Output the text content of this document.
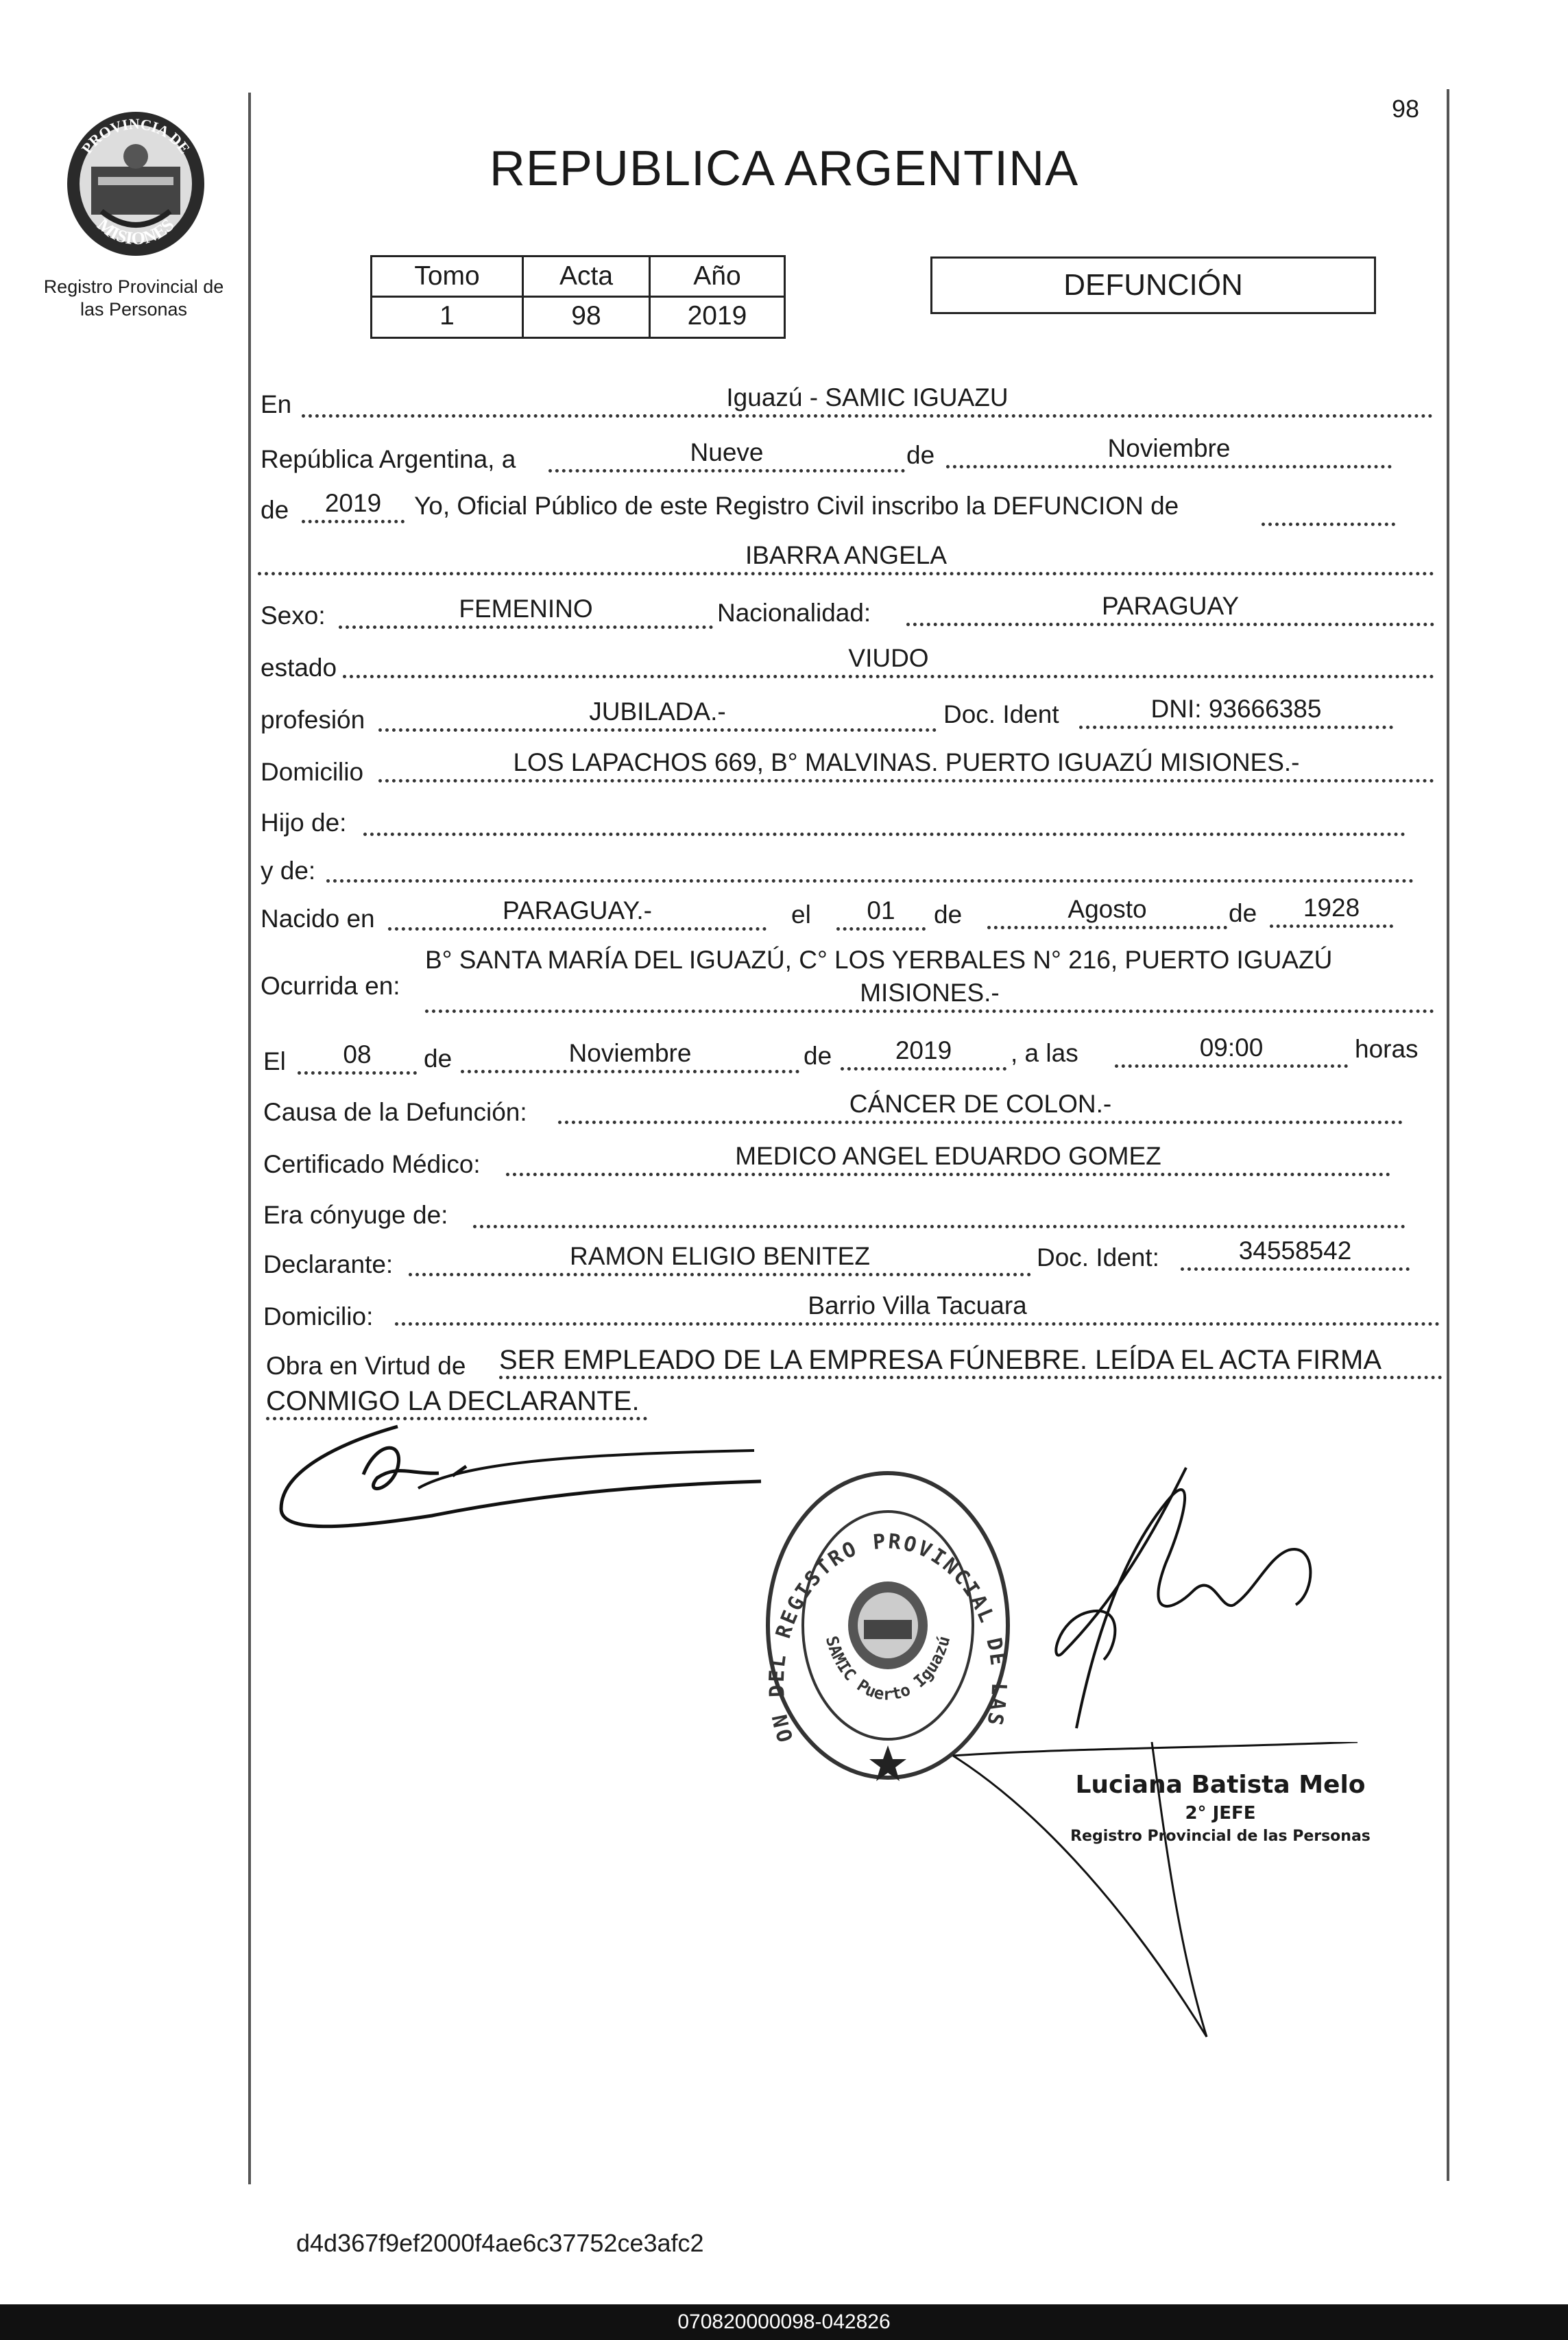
PROVINCIA DE
MISIONES
Registro Provincial de
las Personas
98
REPUBLICA ARGENTINA
Tomo	Acta	Año
1	98	2019
DEFUNCIÓN
En	Iguazú - SAMIC IGUAZU
República Argentina, a	Nueve	de	Noviembre
de	2019	Yo, Oficial Público de este Registro Civil inscribo la DEFUNCION de
IBARRA ANGELA
Sexo:	FEMENINO	Nacionalidad:	PARAGUAY
estado	VIUDO
profesión	JUBILADA.-	Doc. Ident	DNI: 93666385
Domicilio	LOS LAPACHOS 669, B° MALVINAS. PUERTO IGUAZÚ MISIONES.-
Hijo de:
y de:
Nacido en	PARAGUAY.-	el	01	de	Agosto	de	1928
Ocurrida en:
B° SANTA MARÍA DEL IGUAZÚ, C° LOS YERBALES N° 216, PUERTO IGUAZÚ
MISIONES.-
El	08	de	Noviembre	de	2019	, a las	09:00	horas
Causa de la Defunción:	CÁNCER DE COLON.-
Certificado Médico:	MEDICO ANGEL EDUARDO GOMEZ
Era cónyuge de:
Declarante:	RAMON ELIGIO BENITEZ	Doc. Ident:	34558542
Domicilio:	Barrio Villa Tacuara
Obra en Virtud de SER EMPLEADO DE LA EMPRESA FÚNEBRE. LEÍDA EL ACTA FIRMA
CONMIGO LA DECLARANTE.
ON DEL REGISTRO PROVINCIAL DE LAS
SAMIC Puerto Iguazú
Luciana Batista Melo
2° JEFE
Registro Provincial de las Personas
d4d367f9ef2000f4ae6c37752ce3afc2
070820000098-042826
